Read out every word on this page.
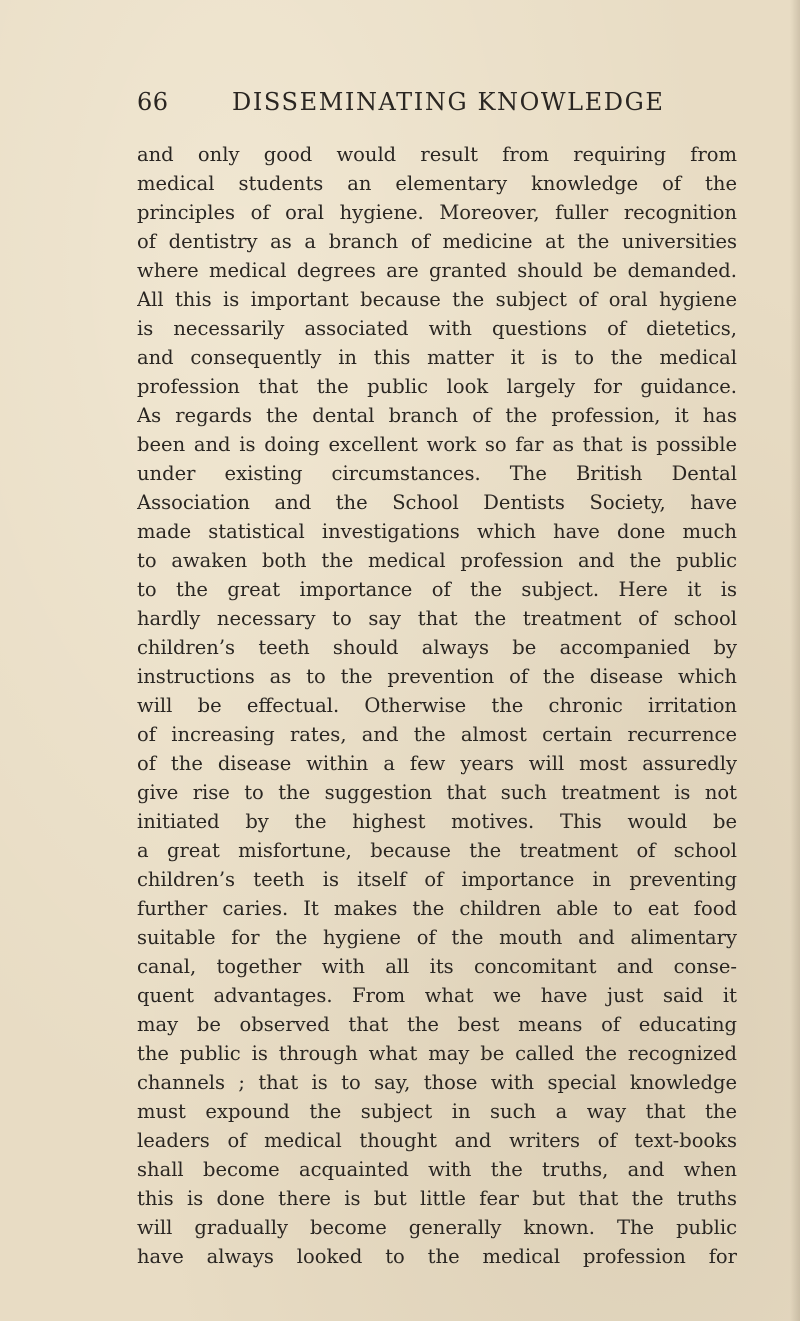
66	DISSEMINATING KNOWLEDGE
and only good would result from requiring from
medical students an elementary knowledge of the
principles of oral hygiene. Moreover, fuller recognition
of dentistry as a branch of medicine at the universities
where medical degrees are granted should be demanded.
All this is important because the subject of oral hygiene
is necessarily associated with questions of dietetics,
and consequently in this matter it is to the medical
profession that the public look largely for guidance.
As regards the dental branch of the profession, it has
been and is doing excellent work so far as that is possible
under existing circumstances. The British Dental
Association and the School Dentists Society, have
made statistical investigations which have done much
to awaken both the medical profession and the public
to the great importance of the subject. Here it is
hardly necessary to say that the treatment of school
children’s teeth should always be accompanied by
instructions as to the prevention of the disease which
will be effectual. Otherwise the chronic irritation
of increasing rates, and the almost certain recurrence
of the disease within a few years will most assuredly
give rise to the suggestion that such treatment is not
initiated by the highest motives. This would be
a great misfortune, because the treatment of school
children’s teeth is itself of importance in preventing
further caries. It makes the children able to eat food
suitable for the hygiene of the mouth and alimentary
canal, together with all its concomitant and conse-
quent advantages. From what we have just said it
may be observed that the best means of educating
the public is through what may be called the recognized
channels ; that is to say, those with special knowledge
must expound the subject in such a way that the
leaders of medical thought and writers of text-books
shall become acquainted with the truths, and when
this is done there is but little fear but that the truths
will gradually become generally known. The public
have always looked to the medical profession for
